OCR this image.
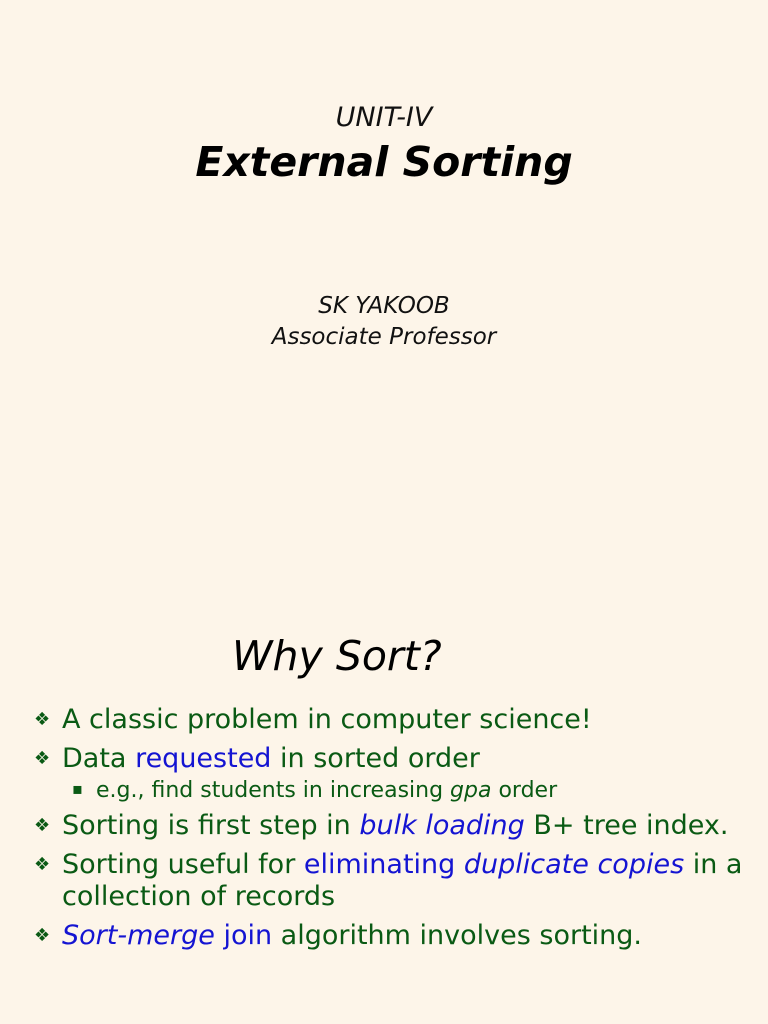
UNIT-IV
External Sorting
SK YAKOOB
Associate Professor
Why Sort?
❖ A classic problem in computer science!
❖ Data requested in sorted order
▪ e.g., find students in increasing gpa order
❖ Sorting is first step in bulk loading B+ tree index.
❖ Sorting useful for eliminating duplicate copies in a collection of records
❖ Sort-merge join algorithm involves sorting.
